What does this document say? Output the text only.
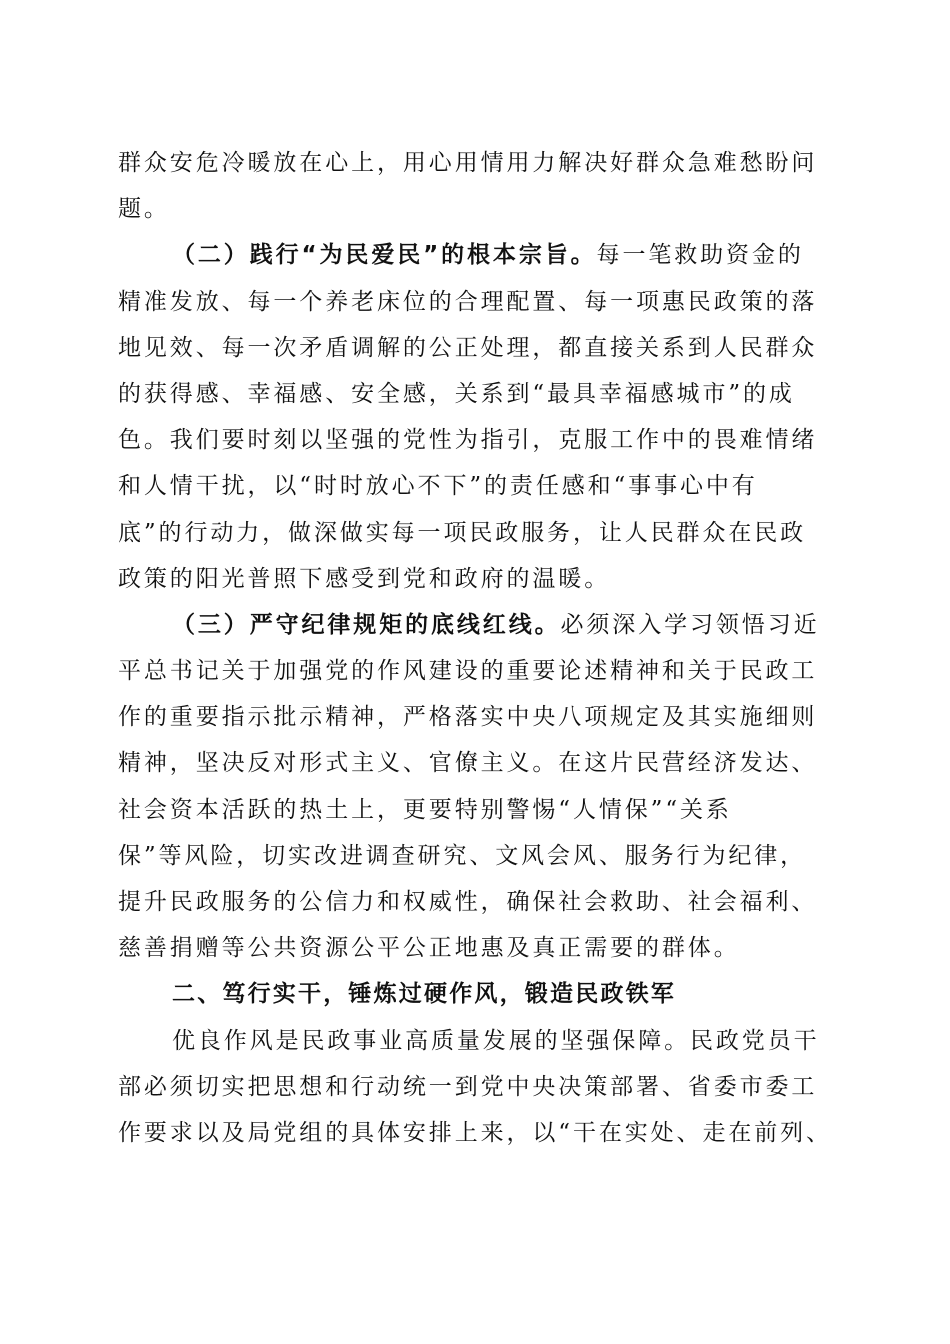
群众安危冷暖放在心上，用心用情用力解决好群众急难愁盼问
题。
（二）践行“为民爱民”的根本宗旨。每一笔救助资金的
精准发放、每一个养老床位的合理配置、每一项惠民政策的落
地见效、每一次矛盾调解的公正处理，都直接关系到人民群众
的获得感、幸福感、安全感，关系到“最具幸福感城市”的成
色。我们要时刻以坚强的党性为指引，克服工作中的畏难情绪
和人情干扰，以“时时放心不下”的责任感和“事事心中有
底”的行动力，做深做实每一项民政服务，让人民群众在民政
政策的阳光普照下感受到党和政府的温暖。
（三）严守纪律规矩的底线红线。必须深入学习领悟习近
平总书记关于加强党的作风建设的重要论述精神和关于民政工
作的重要指示批示精神，严格落实中央八项规定及其实施细则
精神，坚决反对形式主义、官僚主义。在这片民营经济发达、
社会资本活跃的热土上，更要特别警惕“人情保”“关系
保”等风险，切实改进调查研究、文风会风、服务行为纪律，
提升民政服务的公信力和权威性，确保社会救助、社会福利、
慈善捐赠等公共资源公平公正地惠及真正需要的群体。
二、笃行实干，锤炼过硬作风，锻造民政铁军
优良作风是民政事业高质量发展的坚强保障。民政党员干
部必须切实把思想和行动统一到党中央决策部署、省委市委工
作要求以及局党组的具体安排上来，以“干在实处、走在前列、
